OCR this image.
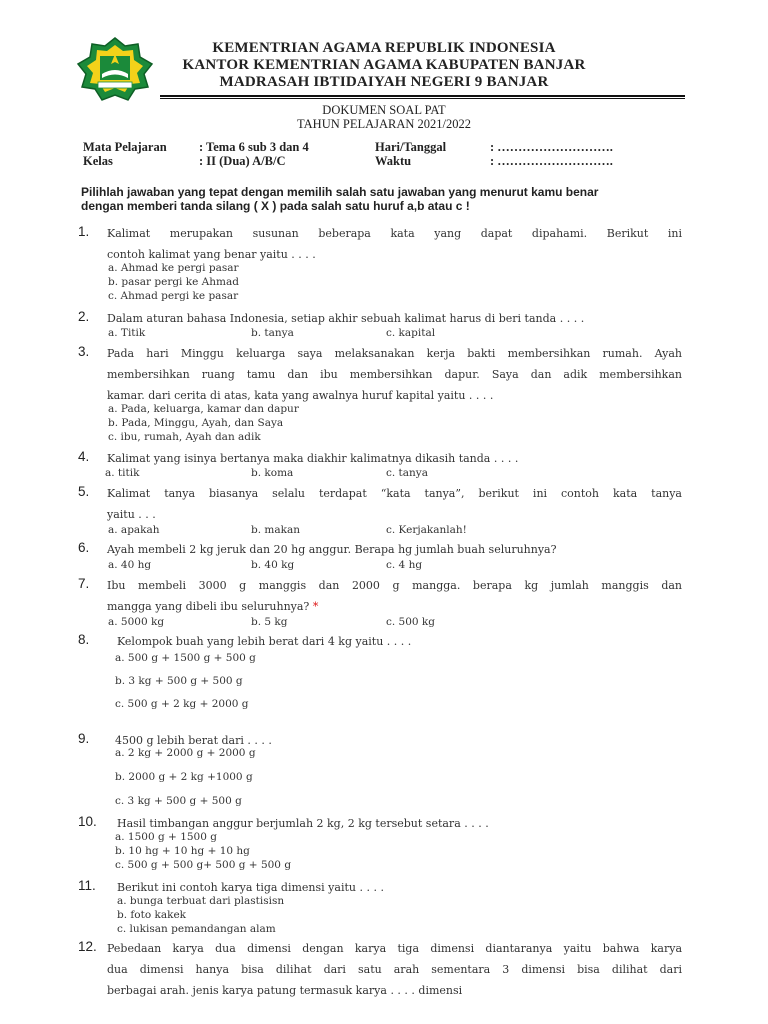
KEMENTRIAN AGAMA REPUBLIK INDONESIA
KANTOR KEMENTRIAN AGAMA KABUPATEN BANJAR
MADRASAH IBTIDAIYAH NEGERI 9 BANJAR
DOKUMEN SOAL PAT
TAHUN PELAJARAN 2021/2022
Mata Pelajaran	: Tema 6 sub 3 dan 4	Hari/Tanggal	: ……………………….
Kelas	: II (Dua) A/B/C	Waktu	: ……………………….
Pilihlah jawaban yang tepat dengan memilih salah satu jawaban yang menurut kamu benar
dengan memberi tanda silang ( X ) pada salah satu huruf a,b atau c !
1. Kalimat merupakan susunan beberapa kata yang dapat dipahami. Berikut ini
contoh kalimat yang benar yaitu . . . .
a. Ahmad ke pergi pasar
b. pasar pergi ke Ahmad
c. Ahmad pergi ke pasar
2. Dalam aturan bahasa Indonesia, setiap akhir sebuah kalimat harus di beri tanda . . . .
a. Titik	b. tanya	c. kapital
3. Pada hari Minggu keluarga saya melaksanakan kerja bakti membersihkan rumah. Ayah
membersihkan ruang tamu dan ibu membersihkan dapur. Saya dan adik membersihkan
kamar. dari cerita di atas, kata yang awalnya huruf kapital yaitu . . . .
a. Pada, keluarga, kamar dan dapur
b. Pada, Minggu, Ayah, dan Saya
c. ibu, rumah, Ayah dan adik
4. Kalimat yang isinya bertanya maka diakhir kalimatnya dikasih tanda . . . .
a. titik	b. koma	c. tanya
5. Kalimat tanya biasanya selalu terdapat “kata tanya”, berikut ini contoh kata tanya
yaitu . . .
a. apakah	b. makan	c. Kerjakanlah!
6. Ayah membeli 2 kg jeruk dan 20 hg anggur. Berapa hg jumlah buah seluruhnya?
a. 40 hg	b. 40 kg	c. 4 hg
7. Ibu membeli 3000 g manggis dan 2000 g mangga. berapa kg jumlah manggis dan
mangga yang dibeli ibu seluruhnya? *
a. 5000 kg	b. 5 kg	c. 500 kg
8.	Kelompok buah yang lebih berat dari 4 kg yaitu . . . .
a. 500 g + 1500 g + 500 g
b. 3 kg + 500 g + 500 g
c. 500 g + 2 kg + 2000 g
9. 4500 g lebih berat dari . . . .
a. 2 kg + 2000 g + 2000 g
b. 2000 g + 2 kg +1000 g
c. 3 kg + 500 g + 500 g
10. Hasil timbangan anggur berjumlah 2 kg, 2 kg tersebut setara . . . .
a. 1500 g + 1500 g
b. 10 hg + 10 hg + 10 hg
c. 500 g + 500 g+ 500 g + 500 g
11. Berikut ini contoh karya tiga dimensi yaitu . . . .
a. bunga terbuat dari plastisisn
b. foto kakek
c. lukisan pemandangan alam
12. Pebedaan karya dua dimensi dengan karya tiga dimensi diantaranya yaitu bahwa karya
dua dimensi hanya bisa dilihat dari satu arah sementara 3 dimensi bisa dilihat dari
berbagai arah. jenis karya patung termasuk karya . . . . dimensi
